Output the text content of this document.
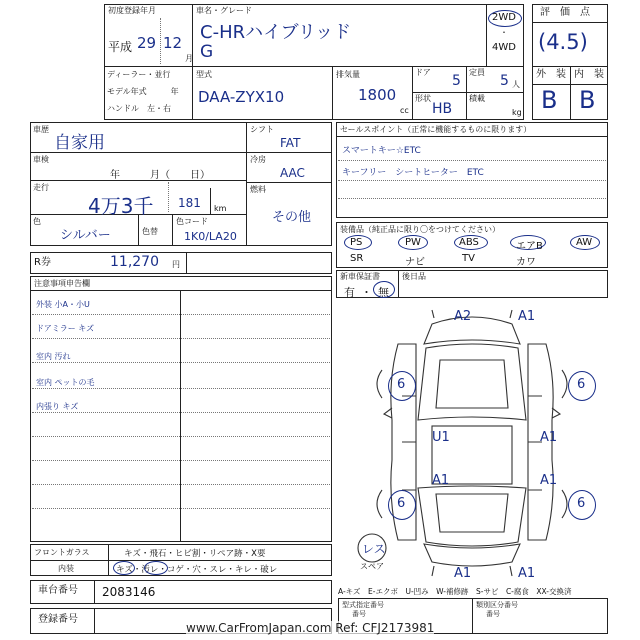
初度登録年月
平成 29 12
月
車名・グレード
C-HRハイブリッド
G
2WD
・
4WD
ディーラー・並行
モデル年式　　　年
ハンドル　左・右
型式
DAA-ZYX10
排気量
1800
cc
ドア
5
定員
5 人
形状
HB
積載
kg
評　価　点
(4.5)
外　装 内　装
B B
車歴
自家用
車検
年　　　月（　　日）
走行
4万3千 181 km
色
シルバー	色替
色コード
1K0/LA20
シフト
FAT
冷房
AAC
燃料
その他
R券	11,270 円
セールスポイント（正常に機能するものに限ります）
スマートキー☆ETC
キーフリー　シートヒーター　ETC
装備品（純正品に限り〇をつけてください）
PS	PW	ABS	エアB	AW
SR	ナビ	TV	カワ
新車保証書
有 ・ 無
後日品
注意事項申告欄
外装 小A・小U
ドアミラー キズ
室内 汚れ
室内 ペットの毛
内張り キズ
フロントガラス	キズ・飛石・ヒビ割・リペア跡・X要
内装	キズ・汚レ・コゲ・穴・スレ・キレ・破レ
車台番号 2083146
登録番号
A-キズ　E-エクボ　U-凹み　W-補修跡　S-サビ　C-腐食　XX-交換済
型式指定番号
番号
類別区分番号
番号
A2	A1
6	6
U1	A1
A1	A1
6	6
A1	A1
レス
スペア
www.CarFromJapan.com Ref: CFJ2173981
